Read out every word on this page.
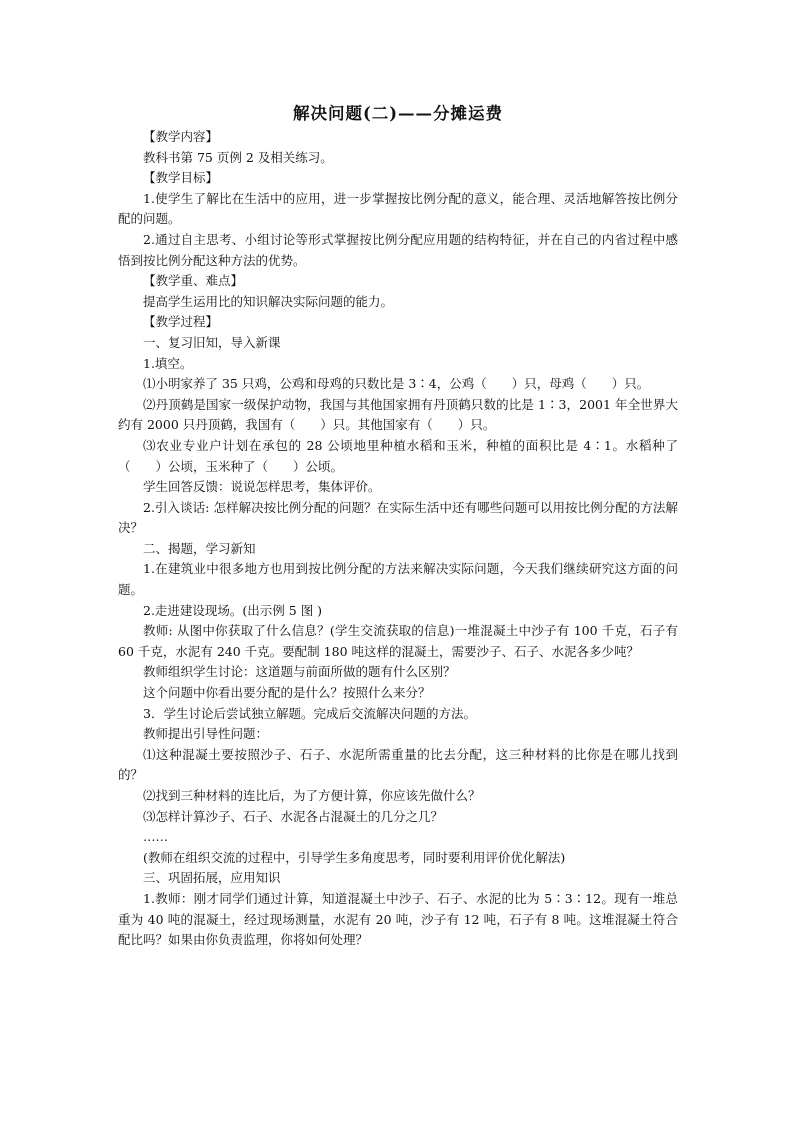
解决问题(二)——分摊运费

【教学内容】

教科书第 75 页例 2 及相关练习。

【教学目标】

1.使学生了解比在生活中的应用，进一步掌握按比例分配的意义，能合理、灵活地解答按比例分配的问题。

2.通过自主思考、小组讨论等形式掌握按比例分配应用题的结构特征，并在自己的内省过程中感悟到按比例分配这种方法的优势。

【教学重、难点】

提高学生运用比的知识解决实际问题的能力。

【教学过程】

一、复习旧知，导入新课

1.填空。

⑴小明家养了 35 只鸡，公鸡和母鸡的只数比是 3∶4，公鸡（　　）只，母鸡（　　）只。

⑵丹顶鹤是国家一级保护动物，我国与其他国家拥有丹顶鹤只数的比是 1∶3，2001 年全世界大约有 2000 只丹顶鹤，我国有（　　）只。其他国家有（　　）只。

⑶农业专业户计划在承包的 28 公顷地里种植水稻和玉米，种植的面积比是 4∶1。水稻种了（　　）公顷，玉米种了（　　）公顷。

学生回答反馈：说说怎样思考，集体评价。

2.引入谈话: 怎样解决按比例分配的问题？在实际生活中还有哪些问题可以用按比例分配的方法解决？

二、揭题，学习新知

1.在建筑业中很多地方也用到按比例分配的方法来解决实际问题，今天我们继续研究这方面的问题。

2.走进建设现场。(出示例 5 图 )

教师: 从图中你获取了什么信息？(学生交流获取的信息)一堆混凝土中沙子有 100 千克，石子有 60 千克，水泥有 240 千克。要配制 180 吨这样的混凝土，需要沙子、石子、水泥各多少吨？

教师组织学生讨论：这道题与前面所做的题有什么区别？

这个问题中你看出要分配的是什么？按照什么来分？

3．学生讨论后尝试独立解题。完成后交流解决问题的方法。

教师提出引导性问题：

⑴这种混凝土要按照沙子、石子、水泥所需重量的比去分配，这三种材料的比你是在哪儿找到的？

⑵找到三种材料的连比后，为了方便计算，你应该先做什么？

⑶怎样计算沙子、石子、水泥各占混凝土的几分之几？

……

(教师在组织交流的过程中，引导学生多角度思考，同时要利用评价优化解法)

三、巩固拓展，应用知识

1.教师：刚才同学们通过计算，知道混凝土中沙子、石子、水泥的比为 5∶3∶12。现有一堆总重为 40 吨的混凝土，经过现场测量，水泥有 20 吨，沙子有 12 吨，石子有 8 吨。这堆混凝土符合配比吗？如果由你负责监理，你将如何处理？
